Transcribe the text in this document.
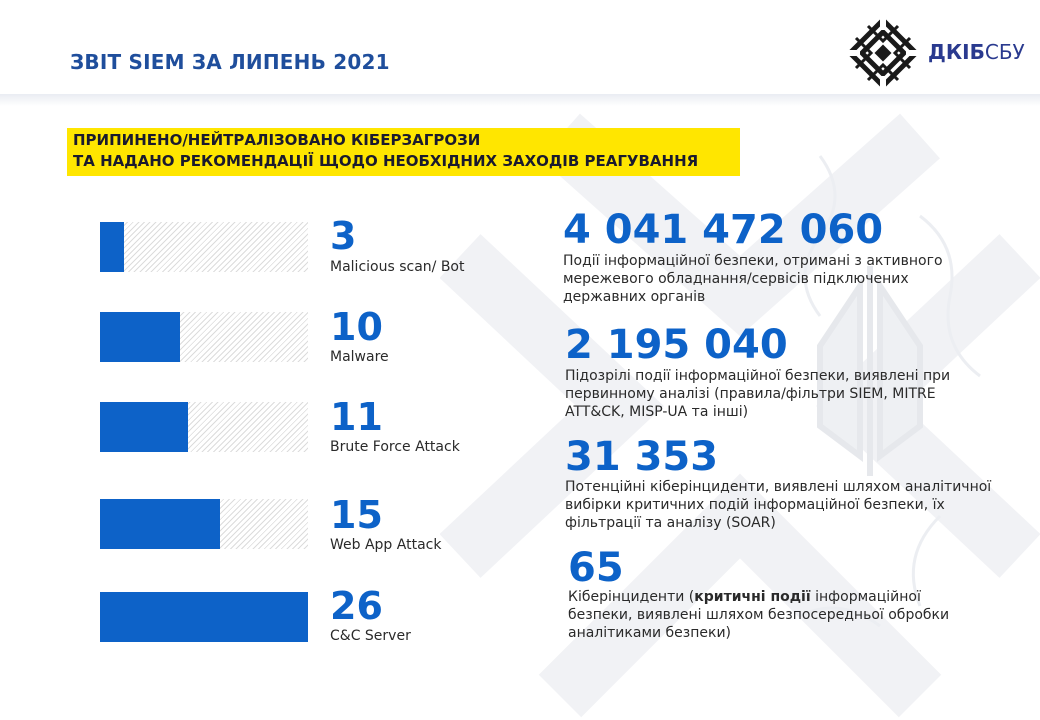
ЗВІТ SIEM ЗА ЛИПЕНЬ 2021	ДКІБСБУ
ПРИПИНЕНО/НЕЙТРАЛІЗОВАНО КІБЕРЗАГРОЗИ
ТА НАДАНО РЕКОМЕНДАЦІЇ ЩОДО НЕОБХІДНИХ ЗАХОДІВ РЕАГУВАННЯ
3
Malicious scan/ Bot
10
Malware
11
Brute Force Attack
15
Web App Attack
26
C&C Server
4 041 472 060
Події інформаційної безпеки, отримані з активного мережевого обладнання/сервісів підключених державних органів
2 195 040
Підозрілі події інформаційної безпеки, виявлені при первинному аналізі (правила/фільтри SIEM, MITRE ATT&CK, MISP-UA та інші)
31 353
Потенційні кіберінциденти, виявлені шляхом аналітичної вибірки критичних подій інформаційної безпеки, їх фільтрації та аналізу (SOAR)
65
Кіберінциденти (критичні події інформаційної безпеки, виявлені шляхом безпосередньої обробки аналітиками безпеки)
